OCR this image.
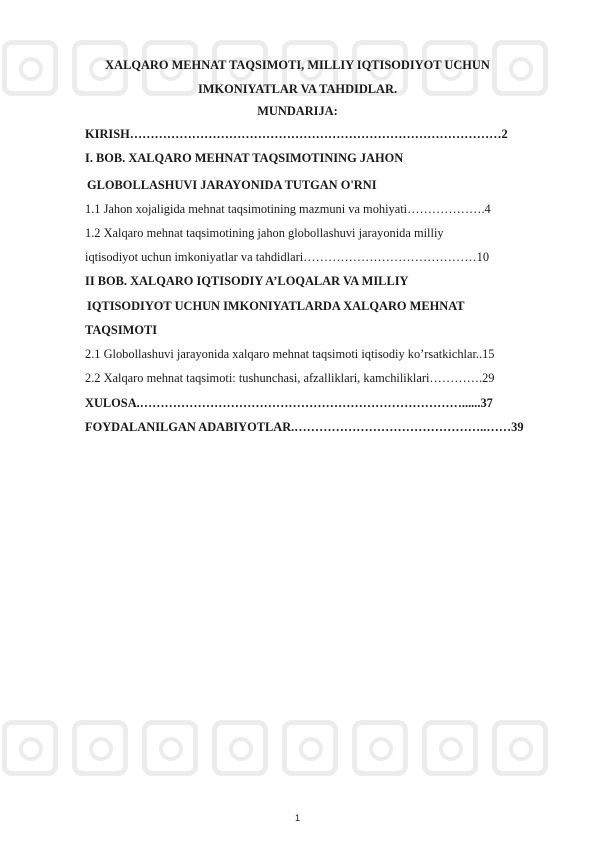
XALQARO MEHNAT TAQSIMOTI, MILLIY IQTISODIYOT UCHUN
IMKONIYATLAR VA TAHDIDLAR.
MUNDARIJA:
KIRISH………………………………………………………………………………2
I. BOB. XALQARO MEHNAT TAQSIMOTINING JAHON
GLOBOLLASHUVI JARAYONIDA TUTGAN O'RNI
1.1 Jahon xojaligida mehnat taqsimotining mazmuni va mohiyati……………….4
1.2 Xalqaro mehnat taqsimotining jahon globollashuvi jarayonida milliy
iqtisodiyot uchun imkoniyatlar va tahdidlari……………………………………10
II BOB. XALQARO IQTISODIY A’LOQALAR VA MILLIY
IQTISODIYOT UCHUN IMKONIYATLARDA XALQARO MEHNAT
TAQSIMOTI
2.1 Globollashuvi jarayonida xalqaro mehnat taqsimoti iqtisodiy ko’rsatkichlar..15
2.2 Xalqaro mehnat taqsimoti: tushunchasi, afzalliklari, kamchiliklari………….29
XULOSA.……………………………………………………………………......37
FOYDALANILGAN ADABIYOTLAR.………………………………………..……39
1
